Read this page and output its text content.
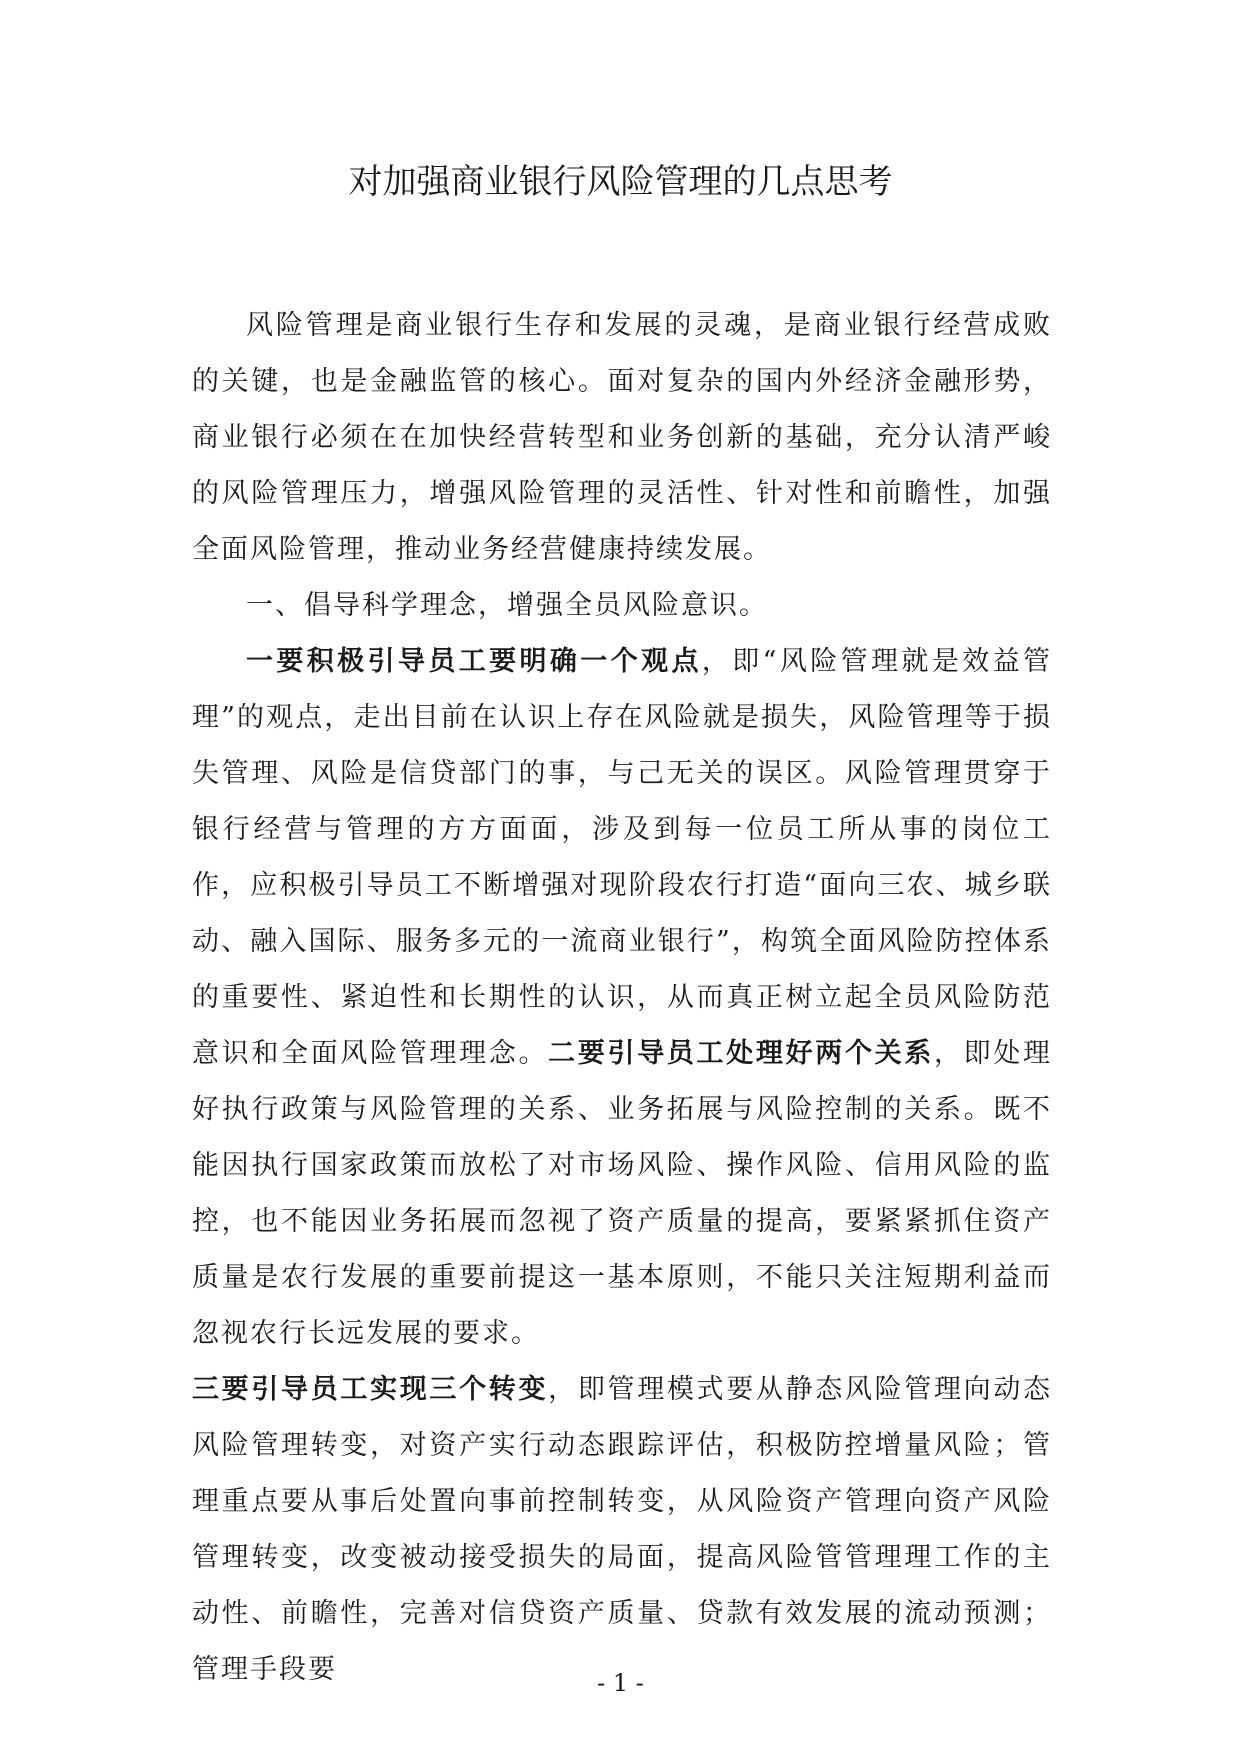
对加强商业银行风险管理的几点思考

风险管理是商业银行生存和发展的灵魂，是商业银行经营成败的关键，也是金融监管的核心。面对复杂的国内外经济金融形势，商业银行必须在在加快经营转型和业务创新的基础，充分认清严峻的风险管理压力，增强风险管理的灵活性、针对性和前瞻性，加强全面风险管理，推动业务经营健康持续发展。

一、倡导科学理念，增强全员风险意识。

一要积极引导员工要明确一个观点，即“风险管理就是效益管理”的观点，走出目前在认识上存在风险就是损失，风险管理等于损失管理、风险是信贷部门的事，与己无关的误区。风险管理贯穿于银行经营与管理的方方面面，涉及到每一位员工所从事的岗位工作，应积极引导员工不断增强对现阶段农行打造“面向三农、城乡联动、融入国际、服务多元的一流商业银行”，构筑全面风险防控体系的重要性、紧迫性和长期性的认识，从而真正树立起全员风险防范意识和全面风险管理理念。二要引导员工处理好两个关系，即处理好执行政策与风险管理的关系、业务拓展与风险控制的关系。既不能因执行国家政策而放松了对市场风险、操作风险、信用风险的监控，也不能因业务拓展而忽视了资产质量的提高，要紧紧抓住资产质量是农行发展的重要前提这一基本原则，不能只关注短期利益而忽视农行长远发展的要求。

三要引导员工实现三个转变，即管理模式要从静态风险管理向动态风险管理转变，对资产实行动态跟踪评估，积极防控增量风险；管理重点要从事后处置向事前控制转变，从风险资产管理向资产风险管理转变，改变被动接受损失的局面，提高风险管管理理工作的主动性、前瞻性，完善对信贷资产质量、贷款有效发展的流动预测；管理手段要	- 1 -
